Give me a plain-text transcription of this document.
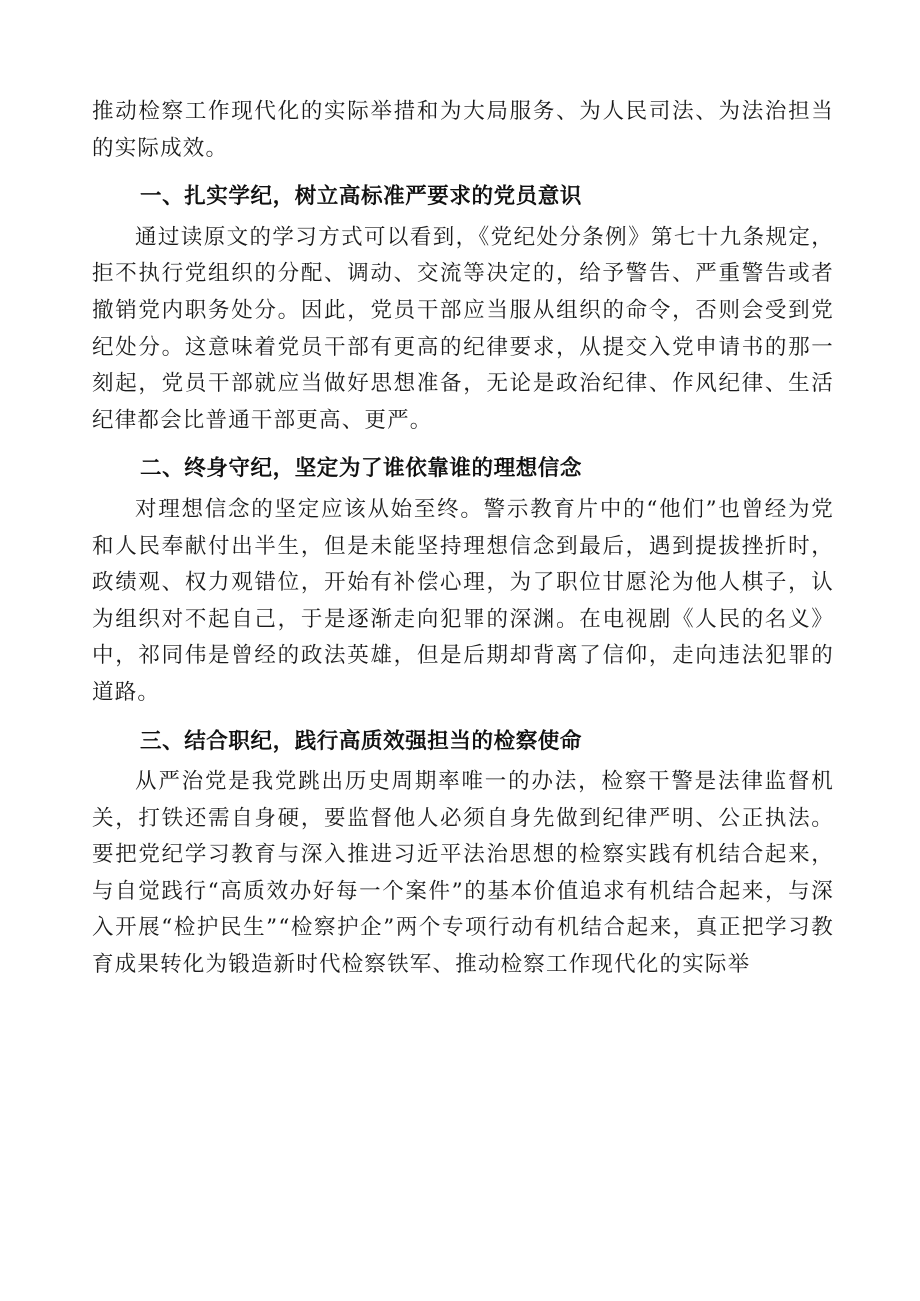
推动检察工作现代化的实际举措和为大局服务、为人民司法、为法治担当的实际成效。

一、扎实学纪，树立高标准严要求的党员意识

通过读原文的学习方式可以看到，《党纪处分条例》第七十九条规定，拒不执行党组织的分配、调动、交流等决定的，给予警告、严重警告或者撤销党内职务处分。因此，党员干部应当服从组织的命令，否则会受到党纪处分。这意味着党员干部有更高的纪律要求，从提交入党申请书的那一刻起，党员干部就应当做好思想准备，无论是政治纪律、作风纪律、生活纪律都会比普通干部更高、更严。

二、终身守纪，坚定为了谁依靠谁的理想信念

对理想信念的坚定应该从始至终。警示教育片中的“他们”也曾经为党和人民奉献付出半生，但是未能坚持理想信念到最后，遇到提拔挫折时，政绩观、权力观错位，开始有补偿心理，为了职位甘愿沦为他人棋子，认为组织对不起自己，于是逐渐走向犯罪的深渊。在电视剧《人民的名义》中，祁同伟是曾经的政法英雄，但是后期却背离了信仰，走向违法犯罪的道路。

三、结合职纪，践行高质效强担当的检察使命

从严治党是我党跳出历史周期率唯一的办法，检察干警是法律监督机关，打铁还需自身硬，要监督他人必须自身先做到纪律严明、公正执法。要把党纪学习教育与深入推进习近平法治思想的检察实践有机结合起来，与自觉践行“高质效办好每一个案件”的基本价值追求有机结合起来，与深入开展“检护民生”“检察护企”两个专项行动有机结合起来，真正把学习教育成果转化为锻造新时代检察铁军、推动检察工作现代化的实际举
